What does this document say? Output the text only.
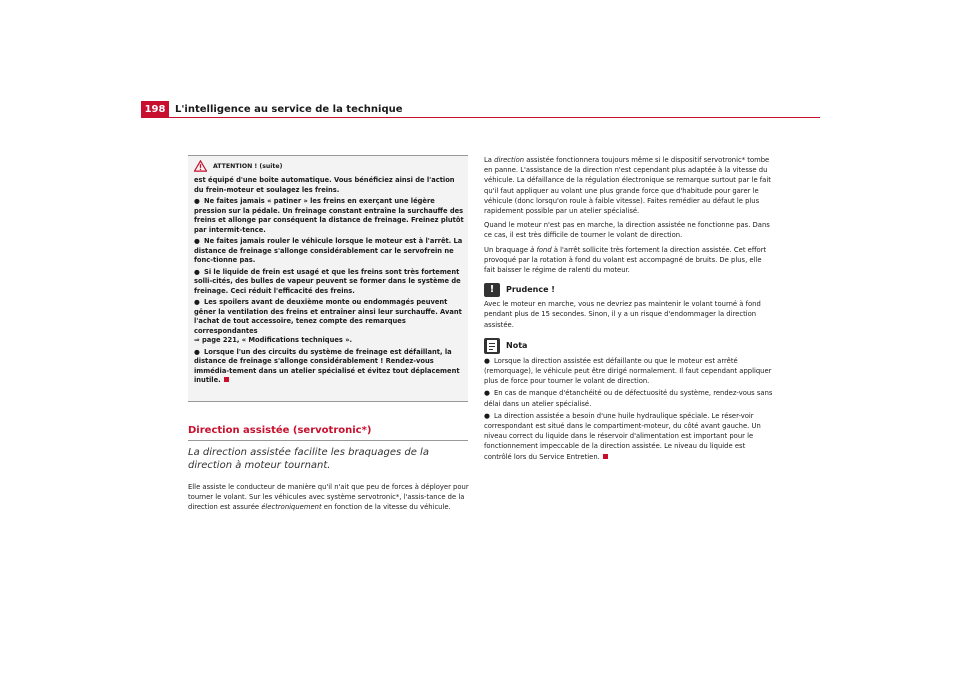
198 L'intelligence au service de la technique
ATTENTION ! (suite)

est équipé d'une boîte automatique. Vous bénéficiez ainsi de l'action du frein-moteur et soulagez les freins.

● Ne faites jamais « patiner » les freins en exerçant une légère pression sur la pédale. Un freinage constant entraîne la surchauffe des freins et allonge par conséquent la distance de freinage. Freinez plutôt par intermit-tence.

● Ne faites jamais rouler le véhicule lorsque le moteur est à l'arrêt. La distance de freinage s'allonge considérablement car le servofrein ne fonc-tionne pas.

● Si le liquide de frein est usagé et que les freins sont très fortement solli-cités, des bulles de vapeur peuvent se former dans le système de freinage. Ceci réduit l'efficacité des freins.

● Les spoilers avant de deuxième monte ou endommagés peuvent gêner la ventilation des freins et entraîner ainsi leur surchauffe. Avant l'achat de tout accessoire, tenez compte des remarques correspondantes
⇒ page 221, « Modifications techniques ».

● Lorsque l'un des circuits du système de freinage est défaillant, la distance de freinage s'allonge considérablement ! Rendez-vous immédia-tement dans un atelier spécialisé et évitez tout déplacement inutile.

Direction assistée (servotronic*)
La direction assistée facilite les braquages de la direction à moteur tournant.
Elle assiste le conducteur de manière qu'il n'ait que peu de forces à déployer pour tourner le volant. Sur les véhicules avec système servotronic*, l'assis-tance de la direction est assurée électroniquement en fonction de la vitesse du véhicule.

La direction assistée fonctionnera toujours même si le dispositif servotronic* tombe en panne. L'assistance de la direction n'est cependant plus adaptée à la vitesse du véhicule. La défaillance de la régulation électronique se remarque surtout par le fait qu'il faut appliquer au volant une plus grande force que d'habitude pour garer le véhicule (donc lorsqu'on roule à faible vitesse). Faites remédier au défaut le plus rapidement possible par un atelier spécialisé.

Quand le moteur n'est pas en marche, la direction assistée ne fonctionne pas. Dans ce cas, il est très difficile de tourner le volant de direction.

Un braquage à fond à l'arrêt sollicite très fortement la direction assistée. Cet effort provoqué par la rotation à fond du volant est accompagné de bruits. De plus, elle fait baisser le régime de ralenti du moteur.

!	Prudence !

Avec le moteur en marche, vous ne devriez pas maintenir le volant tourné à fond pendant plus de 15 secondes. Sinon, il y a un risque d'endommager la direction assistée.

Nota

● Lorsque la direction assistée est défaillante ou que le moteur est arrêté (remorquage), le véhicule peut être dirigé normalement. Il faut cependant appliquer plus de force pour tourner le volant de direction.

● En cas de manque d'étanchéité ou de défectuosité du système, rendez-vous sans délai dans un atelier spécialisé.

● La direction assistée a besoin d'une huile hydraulique spéciale. Le réser-voir correspondant est situé dans le compartiment-moteur, du côté avant gauche. Un niveau correct du liquide dans le réservoir d'alimentation est important pour le fonctionnement impeccable de la direction assistée. Le niveau du liquide est contrôlé lors du Service Entretien.
